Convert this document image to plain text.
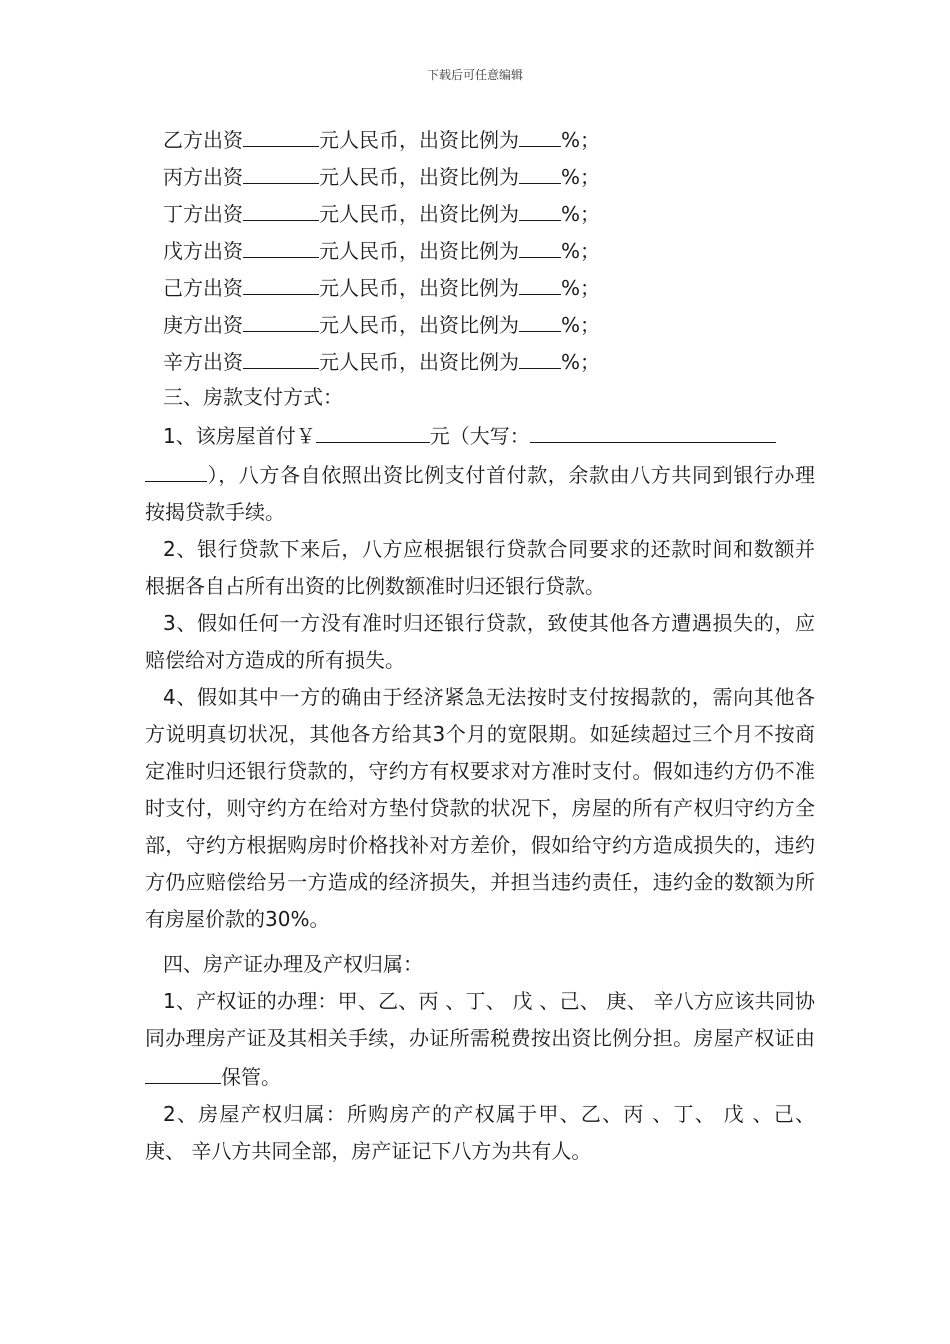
下载后可任意编辑
乙方出资	元人民币，出资比例为 %；
丙方出资	元人民币，出资比例为 %；
丁方出资	元人民币，出资比例为 %；
戊方出资	元人民币，出资比例为 %；
己方出资	元人民币，出资比例为 %；
庚方出资	元人民币，出资比例为 %；
辛方出资	元人民币，出资比例为 %；
三、房款支付方式：
1、该房屋首付￥	元（大写：
），八方各自依照出资比例支付首付款，余款由八方共同到银行办理按揭贷款手续。
2、银行贷款下来后，八方应根据银行贷款合同要求的还款时间和数额并根据各自占所有出资的比例数额准时归还银行贷款。
3、假如任何一方没有准时归还银行贷款，致使其他各方遭遇损失的，应赔偿给对方造成的所有损失。
4、假如其中一方的确由于经济紧急无法按时支付按揭款的，需向其他各方说明真切状况，其他各方给其3个月的宽限期。如延续超过三个月不按商定准时归还银行贷款的，守约方有权要求对方准时支付。假如违约方仍不准时支付，则守约方在给对方垫付贷款的状况下，房屋的所有产权归守约方全部，守约方根据购房时价格找补对方差价，假如给守约方造成损失的，违约方仍应赔偿给另一方造成的经济损失，并担当违约责任，违约金的数额为所有房屋价款的30%。
四、房产证办理及产权归属：
1、产权证的办理：甲、乙、丙 、丁、 戊 、己、 庚、 辛八方应该共同协同办理房产证及其相关手续，办证所需税费按出资比例分担。房屋产权证由保管。
2、房屋产权归属：所购房产的产权属于甲、乙、丙 、丁、 戊 、己、 庚、 辛八方共同全部，房产证记下八方为共有人。
